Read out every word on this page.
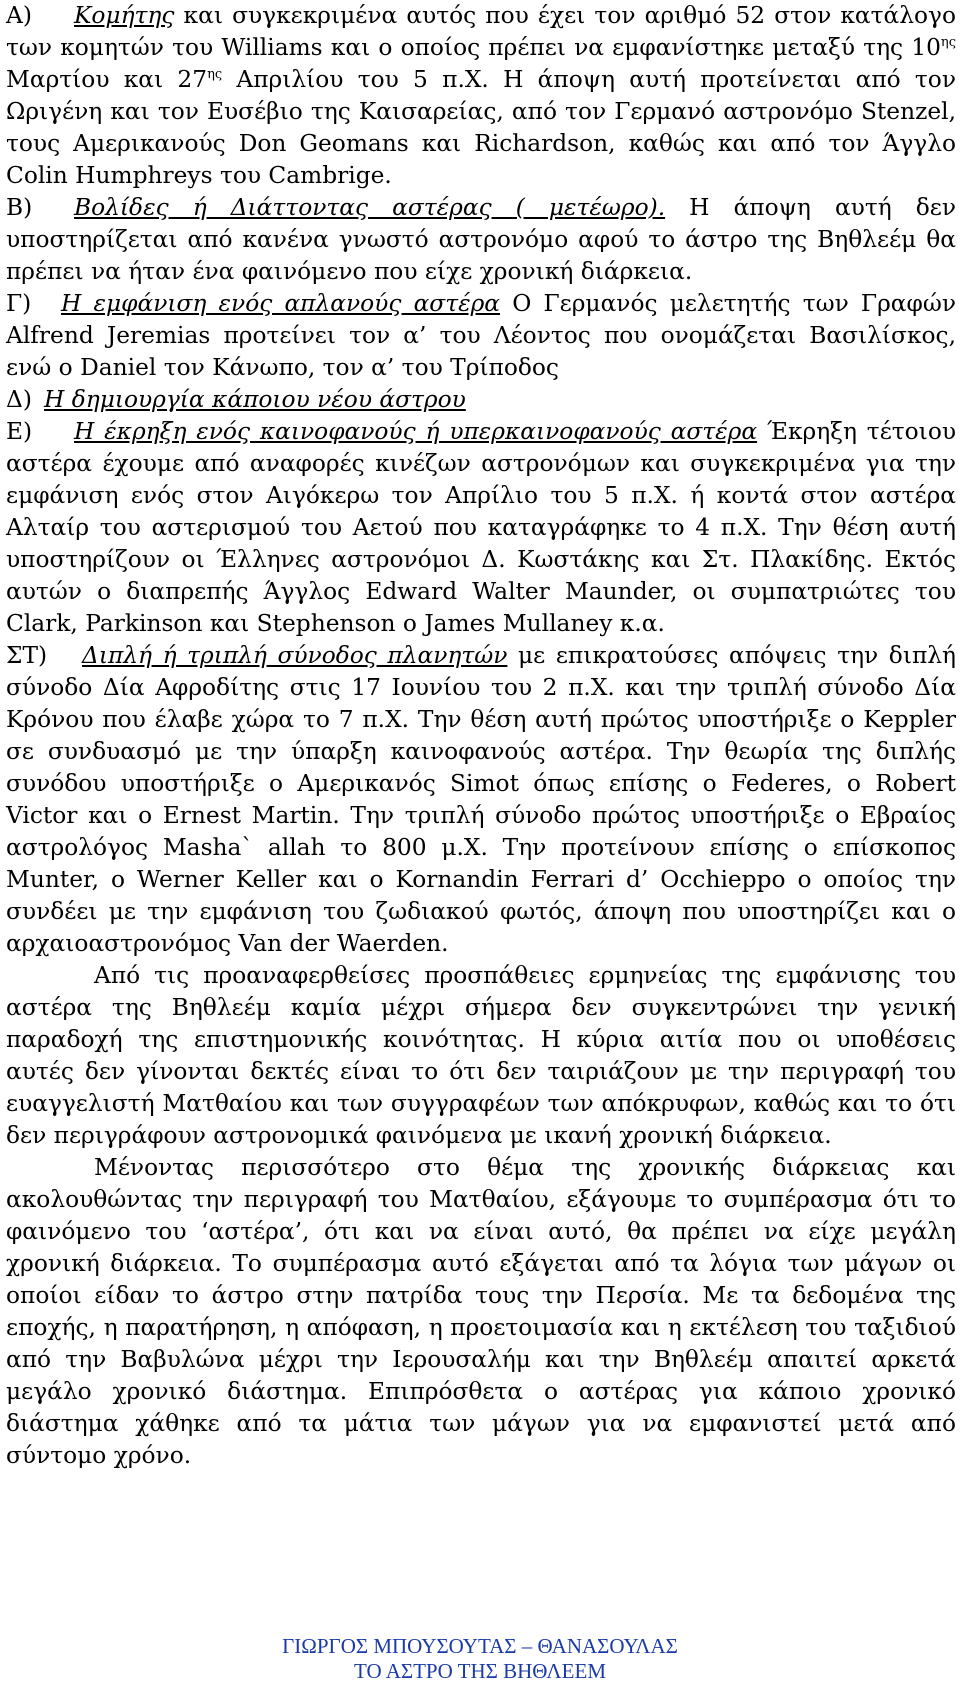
Α) Κομήτης και συγκεκριμένα αυτός που έχει τον αριθμό 52 στον κατάλογο των κομητών του Williams και ο οποίος πρέπει να εμφανίστηκε μεταξύ της $10^{\eta\varsigma}$ Μαρτίου και $27^{\eta\varsigma}$ Απριλίου του 5 π.Χ. Η άποψη αυτή προτείνεται από τον Ωριγένη και τον Ευσέβιο της Καισαρείας, από τον Γερμανό αστρονόμο Stenzel, τους Αμερικανούς Don Geomans και Richardson, καθώς και από τον Άγγλο Colin Humphreys του Cambrige.

Β) Βολίδες ή Διάττοντας αστέρας ( μετέωρο). Η άποψη αυτή δεν υποστηρίζεται από κανένα γνωστό αστρονόμο αφού το άστρο της Βηθλεέμ θα πρέπει να ήταν ένα φαινόμενο που είχε χρονική διάρκεια.

Γ) Η εμφάνιση ενός απλανούς αστέρα Ο Γερμανός μελετητής των Γραφών Alfrend Jeremias προτείνει τον α’ του Λέοντος που ονομάζεται Βασιλίσκος, ενώ ο Daniel τον Κάνωπο, τον α’ του Τρίποδος

Δ) Η δημιουργία κάποιου νέου άστρου

Ε) Η έκρηξη ενός καινοφανούς ή υπερκαινοφανούς αστέρα Έκρηξη τέτοιου αστέρα έχουμε από αναφορές κινέζων αστρονόμων και συγκεκριμένα για την εμφάνιση ενός στον Αιγόκερω τον Απρίλιο του 5 π.Χ. ή κοντά στον αστέρα Αλταίρ του αστερισμού του Αετού που καταγράφηκε το 4 π.Χ. Την θέση αυτή υποστηρίζουν οι Έλληνες αστρονόμοι Δ. Κωστάκης και Στ. Πλακίδης. Εκτός αυτών ο διαπρεπής Άγγλος Edward Walter Maunder, οι συμπατριώτες του Clark, Parkinson και Stephenson ο James Mullaney κ.α.

ΣΤ) Διπλή ή τριπλή σύνοδος πλανητών με επικρατούσες απόψεις την διπλή σύνοδο Δία Αφροδίτης στις 17 Ιουνίου του 2 π.Χ. και την τριπλή σύνοδο Δία Κρόνου που έλαβε χώρα το 7 π.Χ. Την θέση αυτή πρώτος υποστήριξε ο Keppler σε συνδυασμό με την ύπαρξη καινοφανούς αστέρα. Την θεωρία της διπλής συνόδου υποστήριξε ο Αμερικανός Simot όπως επίσης ο Federes, ο Robert Victor και ο Ernest Martin. Την τριπλή σύνοδο πρώτος υποστήριξε ο Εβραίος αστρολόγος Masha` allah το 800 μ.Χ. Την προτείνουν επίσης ο επίσκοπος Munter, ο Werner Keller και ο Kornandin Ferrari d’ Occhieppo ο οποίος την συνδέει με την εμφάνιση του ζωδιακού φωτός, άποψη που υποστηρίζει και ο αρχαιοαστρονόμος Van der Waerden.

Από τις προαναφερθείσες προσπάθειες ερμηνείας της εμφάνισης του αστέρα της Βηθλεέμ καμία μέχρι σήμερα δεν συγκεντρώνει την γενική παραδοχή της επιστημονικής κοινότητας. Η κύρια αιτία που οι υποθέσεις αυτές δεν γίνονται δεκτές είναι το ότι δεν ταιριάζουν με την περιγραφή του ευαγγελιστή Ματθαίου και των συγγραφέων των απόκρυφων, καθώς και το ότι δεν περιγράφουν αστρονομικά φαινόμενα με ικανή χρονική διάρκεια.

Μένοντας περισσότερο στο θέμα της χρονικής διάρκειας και ακολουθώντας την περιγραφή του Ματθαίου, εξάγουμε το συμπέρασμα ότι το φαινόμενο του ‘αστέρα’, ότι και να είναι αυτό, θα πρέπει να είχε μεγάλη χρονική διάρκεια. Το συμπέρασμα αυτό εξάγεται από τα λόγια των μάγων οι οποίοι είδαν το άστρο στην πατρίδα τους την Περσία. Με τα δεδομένα της εποχής, η παρατήρηση, η απόφαση, η προετοιμασία και η εκτέλεση του ταξιδιού από την Βαβυλώνα μέχρι την Ιερουσαλήμ και την Βηθλεέμ απαιτεί αρκετά μεγάλο χρονικό διάστημα. Επιπρόσθετα ο αστέρας για κάποιο χρονικό διάστημα χάθηκε από τα μάτια των μάγων για να εμφανιστεί μετά από σύντομο χρόνο.

ΓΙΩΡΓΟΣ ΜΠΟΥΣΟΥΤΑΣ – ΘΑΝΑΣΟΥΛΑΣ
ΤΟ ΑΣΤΡΟ ΤΗΣ ΒΗΘΛΕΕΜ
